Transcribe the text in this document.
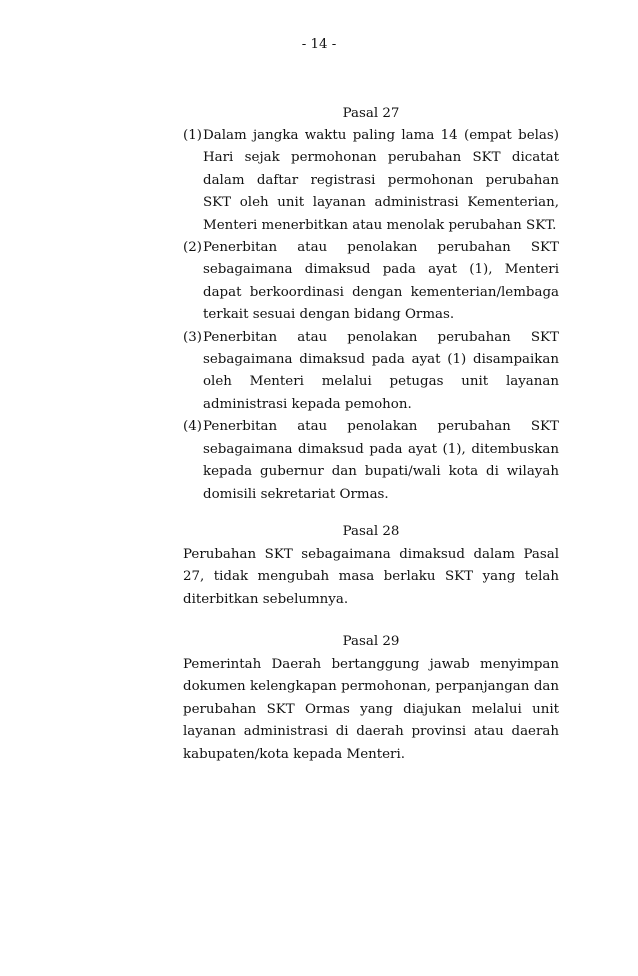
- 14 -
Pasal 27
(1) Dalam jangka waktu paling lama 14 (empat belas) Hari sejak permohonan perubahan SKT dicatat dalam daftar registrasi permohonan perubahan SKT oleh unit layanan administrasi Kementerian, Menteri menerbitkan atau menolak perubahan SKT.
(2) Penerbitan atau penolakan perubahan SKT sebagaimana dimaksud pada ayat (1), Menteri dapat berkoordinasi dengan kementerian/lembaga terkait sesuai dengan bidang Ormas.
(3) Penerbitan atau penolakan perubahan SKT sebagaimana dimaksud pada ayat (1) disampaikan oleh Menteri melalui petugas unit layanan administrasi kepada pemohon.
(4) Penerbitan atau penolakan perubahan SKT sebagaimana dimaksud pada ayat (1), ditembuskan kepada gubernur dan bupati/wali kota di wilayah domisili sekretariat Ormas.
Pasal 28

Perubahan SKT sebagaimana dimaksud dalam Pasal 27, tidak mengubah masa berlaku SKT yang telah diterbitkan sebelumnya.

Pasal 29

Pemerintah Daerah bertanggung jawab menyimpan dokumen kelengkapan permohonan, perpanjangan dan perubahan SKT Ormas yang diajukan melalui unit layanan administrasi di daerah provinsi atau daerah kabupaten/kota kepada Menteri.
